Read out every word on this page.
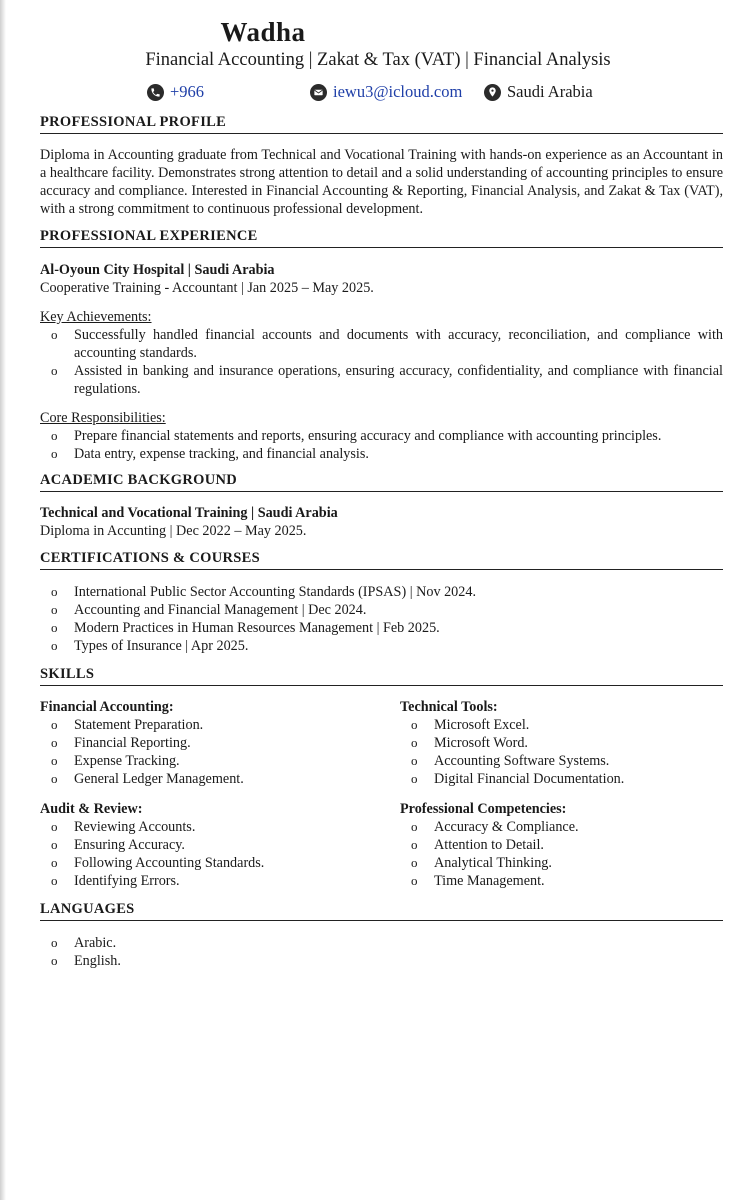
Wadha
Financial Accounting | Zakat & Tax (VAT) | Financial Analysis
+966	iewu3@icloud.com	Saudi Arabia
PROFESSIONAL PROFILE

Diploma in Accounting graduate from Technical and Vocational Training with hands-on experience as an Accountant in a healthcare facility. Demonstrates strong attention to detail and a solid understanding of accounting principles to ensure accuracy and compliance. Interested in Financial Accounting & Reporting, Financial Analysis, and Zakat & Tax (VAT), with a strong commitment to continuous professional development.

PROFESSIONAL EXPERIENCE
Al-Oyoun City Hospital | Saudi Arabia
Cooperative Training - Accountant | Jan 2025 – May 2025.
Key Achievements:
o Successfully handled financial accounts and documents with accuracy, reconciliation, and compliance with accounting standards.
o Assisted in banking and insurance operations, ensuring accuracy, confidentiality, and compliance with financial regulations.
Core Responsibilities:
o Prepare financial statements and reports, ensuring accuracy and compliance with accounting principles.
o Data entry, expense tracking, and financial analysis.
ACADEMIC BACKGROUND
Technical and Vocational Training | Saudi Arabia
Diploma in Accunting | Dec 2022 – May 2025.
CERTIFICATIONS & COURSES
o International Public Sector Accounting Standards (IPSAS) | Nov 2024.
o Accounting and Financial Management | Dec 2024.
o Modern Practices in Human Resources Management | Feb 2025.
o Types of Insurance | Apr 2025.
SKILLS
Financial Accounting:
o Statement Preparation.
o Financial Reporting.
o Expense Tracking.
o General Ledger Management.
Technical Tools:
o Microsoft Excel.
o Microsoft Word.
o Accounting Software Systems.
o Digital Financial Documentation.
Audit & Review:
o Reviewing Accounts.
o Ensuring Accuracy.
o Following Accounting Standards.
o Identifying Errors.
Professional Competencies:
o Accuracy & Compliance.
o Attention to Detail.
o Analytical Thinking.
o Time Management.
LANGUAGES
o Arabic.
o English.
